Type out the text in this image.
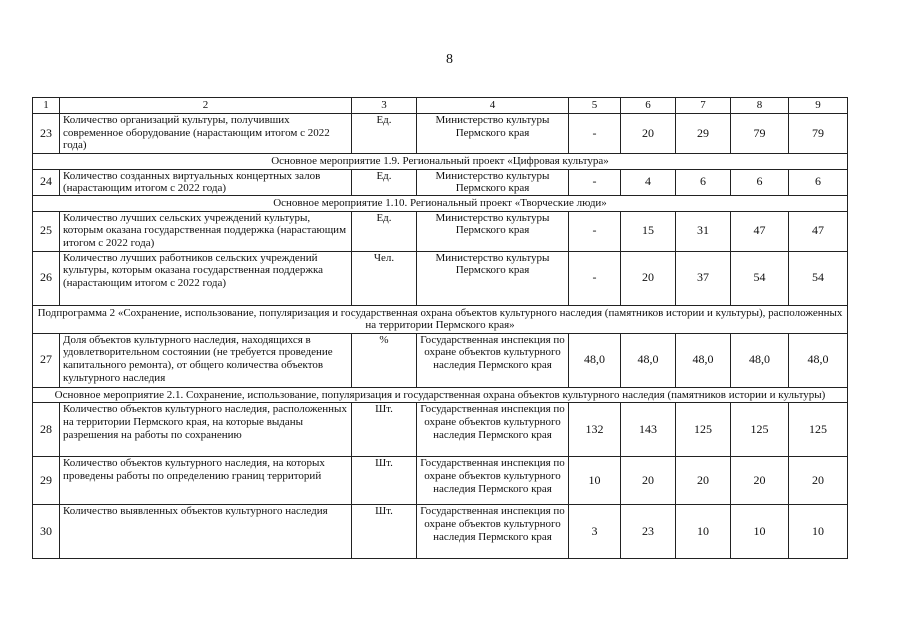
8
1	2	3	4	5	6	7	8	9
23	Количество организаций культуры, получивших современное оборудование (нарастающим итогом с 2022 года)	Ед.	Министерство культуры Пермского края	-	20	29	79	79
Основное мероприятие 1.9. Региональный проект «Цифровая культура»								
24	Количество созданных виртуальных концертных залов (нарастающим итогом с 2022 года)	Ед.	Министерство культуры Пермского края	-	4	6	6	6
Основное мероприятие 1.10. Региональный проект «Творческие люди»								
25	Количество лучших сельских учреждений культуры, которым оказана государственная поддержка (нарастающим итогом с 2022 года)	Ед.	Министерство культуры Пермского края	-	15	31	47	47
26	Количество лучших работников сельских учреждений культуры, которым оказана государственная поддержка (нарастающим итогом с 2022 года)	Чел.	Министерство культуры Пермского края	-	20	37	54	54
Подпрограмма 2 «Сохранение, использование, популяризация и государственная охрана объектов культурного наследия (памятников истории и культуры), расположенных на территории Пермского края»								
27	Доля объектов культурного наследия, находящихся в удовлетворительном состоянии (не требуется проведение капитального ремонта), от общего количества объектов культурного наследия	%	Государственная инспекция по охране объектов культурного наследия Пермского края	48,0	48,0	48,0	48,0	48,0
Основное мероприятие 2.1. Сохранение, использование, популяризация и государственная охрана объектов культурного наследия (памятников истории и культуры)								
28	Количество объектов культурного наследия, расположенных на территории Пермского края, на которые выданы разрешения на работы по сохранению	Шт.	Государственная инспекция по охране объектов культурного наследия Пермского края	132	143	125	125	125
29	Количество объектов культурного наследия, на которых проведены работы по определению границ территорий	Шт.	Государственная инспекция по охране объектов культурного наследия Пермского края	10	20	20	20	20
30	Количество выявленных объектов культурного наследия	Шт.	Государственная инспекция по охране объектов культурного наследия Пермского края	3	23	10	10	10
